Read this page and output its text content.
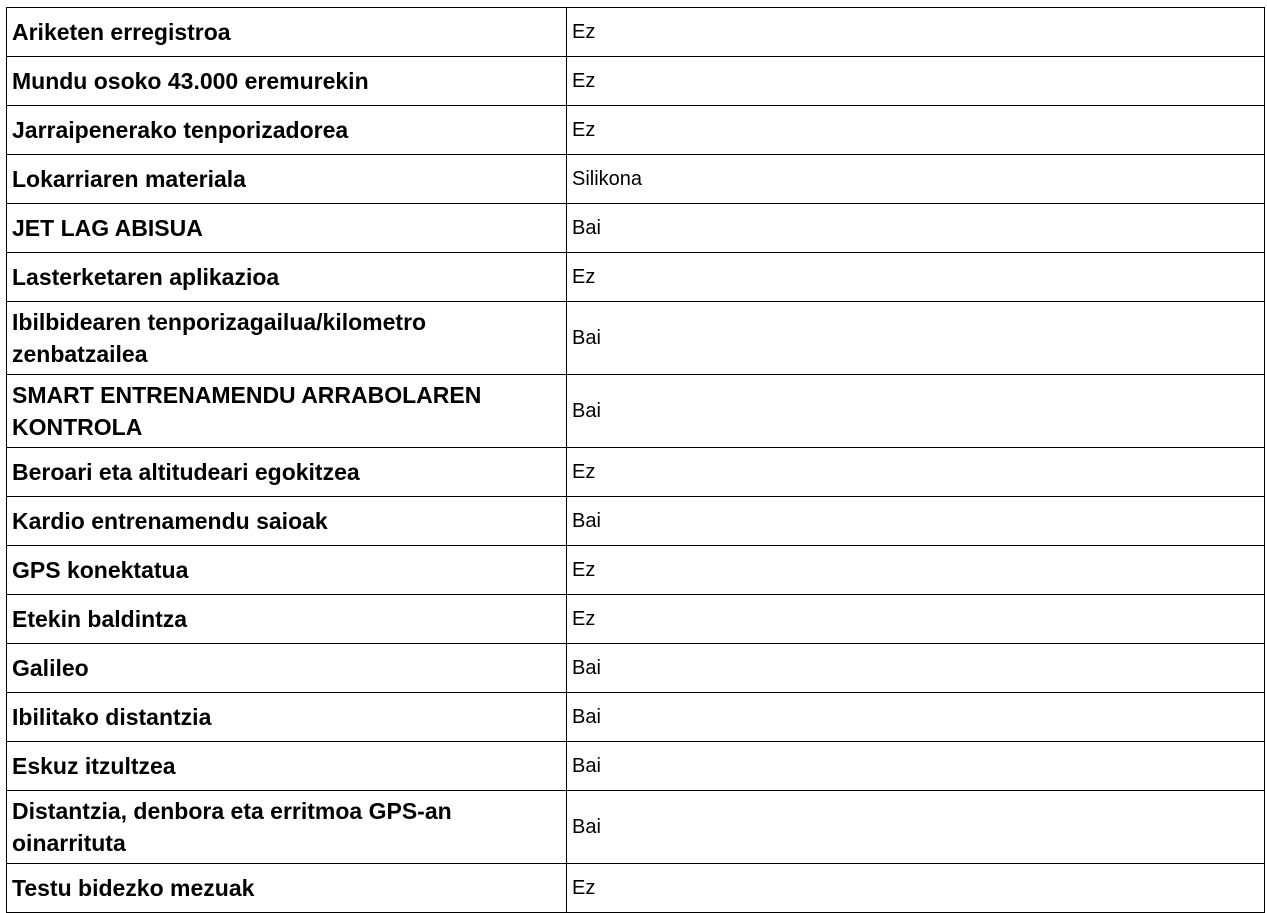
Ariketen erregistroa	Ez
Mundu osoko 43.000 eremurekin	Ez
Jarraipenerako tenporizadorea	Ez
Lokarriaren materiala	Silikona
JET LAG ABISUA	Bai
Lasterketaren aplikazioa	Ez
Ibilbidearen tenporizagailua/kilometro zenbatzailea	Bai
SMART ENTRENAMENDU ARRABOLAREN KONTROLA	Bai
Beroari eta altitudeari egokitzea	Ez
Kardio entrenamendu saioak	Bai
GPS konektatua	Ez
Etekin baldintza	Ez
Galileo	Bai
Ibilitako distantzia	Bai
Eskuz itzultzea	Bai
Distantzia, denbora eta erritmoa GPS-an oinarrituta	Bai
Testu bidezko mezuak	Ez
